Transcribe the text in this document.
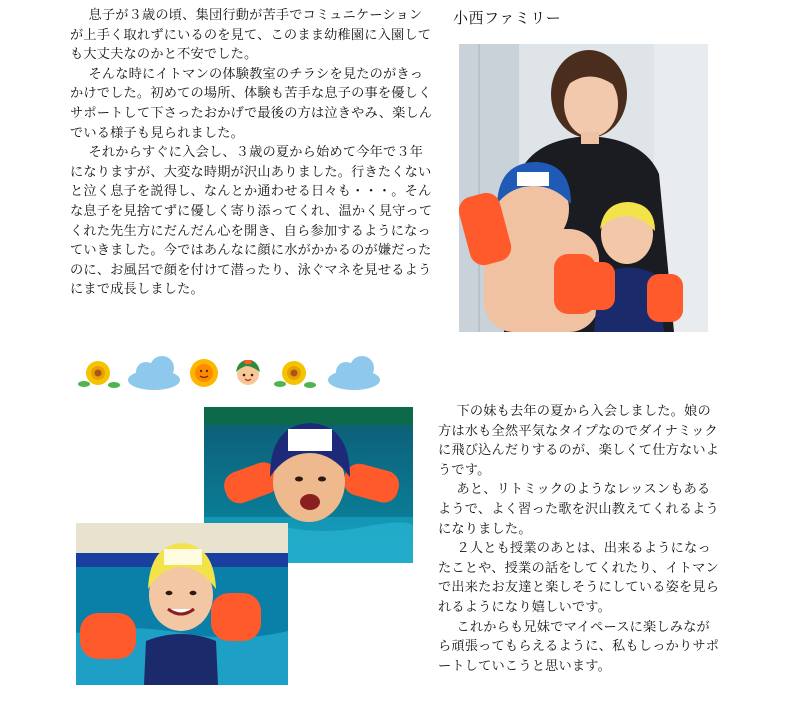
息子が３歳の頃、集団行動が苦手でコミュニケーションが上手く取れずにいるのを見て、このまま幼稚園に入園しても大丈夫なのかと不安でした。

そんな時にイトマンの体験教室のチラシを見たのがきっかけでした。初めての場所、体験も苦手な息子の事を優しくサポートして下さったおかげで最後の方は泣きやみ、楽しんでいる様子も見られました。

それからすぐに入会し、３歳の夏から始めて今年で３年になりますが、大変な時期が沢山ありました。行きたくないと泣く息子を説得し、なんとか通わせる日々も・・・。そんな息子を見捨てずに優しく寄り添ってくれ、温かく見守ってくれた先生方にだんだん心を開き、自ら参加するようになっていきました。今ではあんなに顔に水がかかるのが嫌だったのに、お風呂で顔を付けて潜ったり、泳ぐマネを見せるようにまで成長しました。

小西ファミリー

下の妹も去年の夏から入会しました。娘の方は水も全然平気なタイプなのでダイナミックに飛び込んだりするのが、楽しくて仕方ないようです。

あと、リトミックのようなレッスンもあるようで、よく習った歌を沢山教えてくれるようになりました。

２人とも授業のあとは、出来るようになったことや、授業の話をしてくれたり、イトマンで出来たお友達と楽しそうにしている姿を見られるようになり嬉しいです。

これからも兄妹でマイペースに楽しみながら頑張ってもらえるように、私もしっかりサポートしていこうと思います。
